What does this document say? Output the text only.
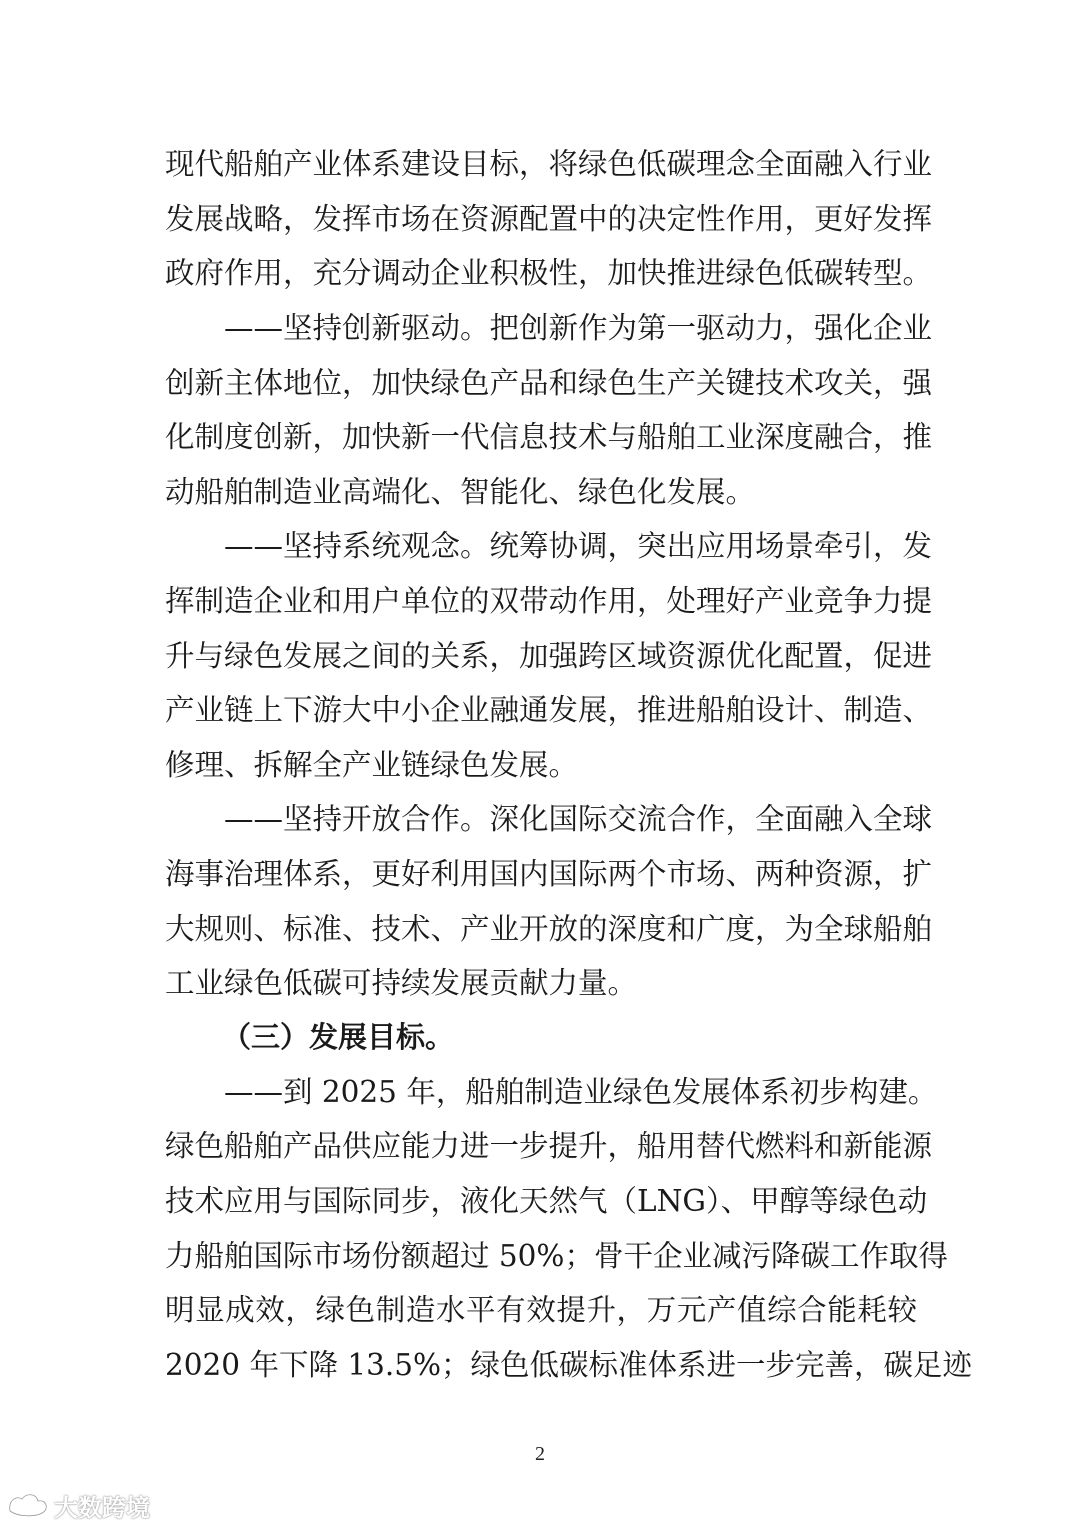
现代船舶产业体系建设目标，将绿色低碳理念全面融入行业
发展战略，发挥市场在资源配置中的决定性作用，更好发挥
政府作用，充分调动企业积极性，加快推进绿色低碳转型。
——坚持创新驱动。把创新作为第一驱动力，强化企业
创新主体地位，加快绿色产品和绿色生产关键技术攻关，强
化制度创新，加快新一代信息技术与船舶工业深度融合，推
动船舶制造业高端化、智能化、绿色化发展。
——坚持系统观念。统筹协调，突出应用场景牵引，发
挥制造企业和用户单位的双带动作用，处理好产业竞争力提
升与绿色发展之间的关系，加强跨区域资源优化配置，促进
产业链上下游大中小企业融通发展，推进船舶设计、制造、
修理、拆解全产业链绿色发展。
——坚持开放合作。深化国际交流合作，全面融入全球
海事治理体系，更好利用国内国际两个市场、两种资源，扩
大规则、标准、技术、产业开放的深度和广度，为全球船舶
工业绿色低碳可持续发展贡献力量。
（三）发展目标。
——到 2025 年，船舶制造业绿色发展体系初步构建。
绿色船舶产品供应能力进一步提升，船用替代燃料和新能源
技术应用与国际同步，液化天然气（LNG）、甲醇等绿色动
力船舶国际市场份额超过 50%；骨干企业减污降碳工作取得
明显成效，绿色制造水平有效提升，万元产值综合能耗较
2020 年下降 13.5%；绿色低碳标准体系进一步完善，碳足迹
2
大数跨境
